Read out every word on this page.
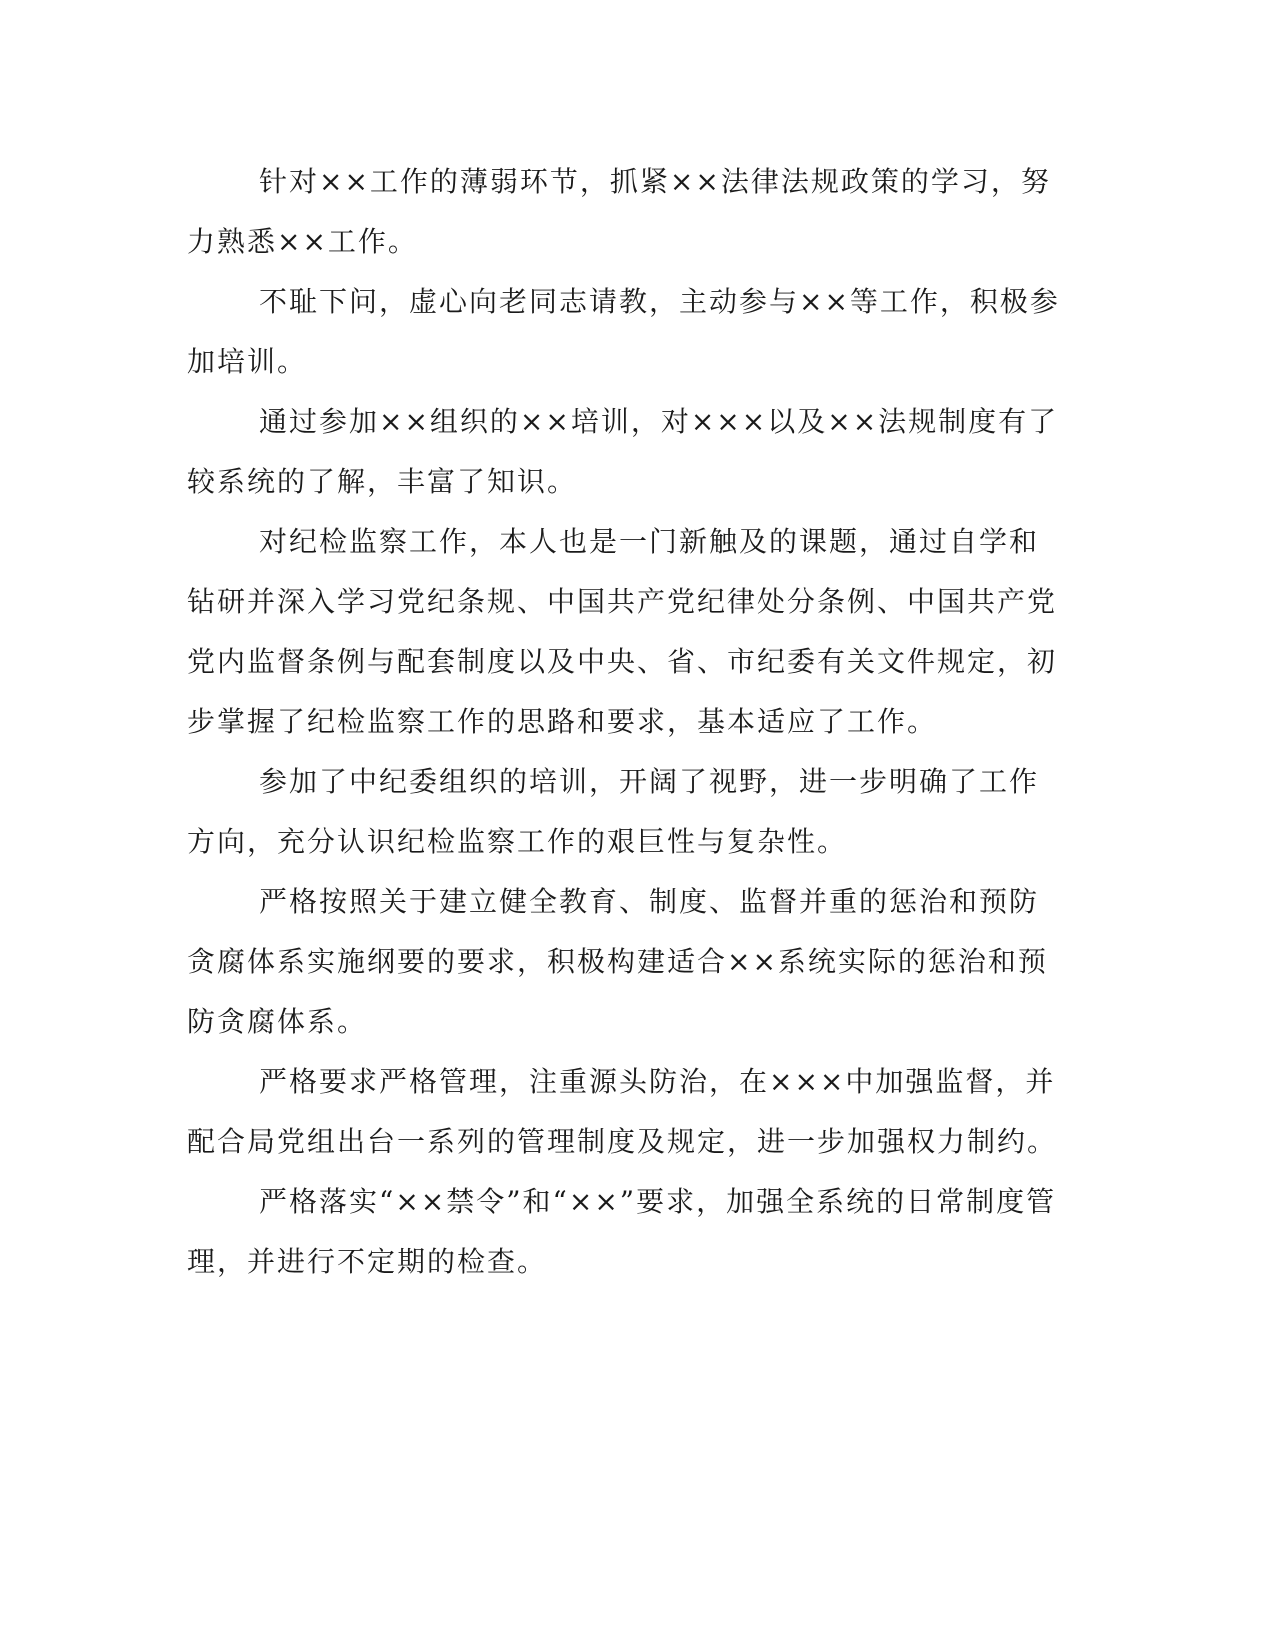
针对××工作的薄弱环节，抓紧××法律法规政策的学习，努力熟悉××工作。

不耻下问，虚心向老同志请教，主动参与××等工作，积极参加培训。

通过参加××组织的××培训，对×××以及××法规制度有了较系统的了解，丰富了知识。

对纪检监察工作，本人也是一门新触及的课题，通过自学和钻研并深入学习党纪条规、中国共产党纪律处分条例、中国共产党党内监督条例与配套制度以及中央、省、市纪委有关文件规定，初步掌握了纪检监察工作的思路和要求，基本适应了工作。

参加了中纪委组织的培训，开阔了视野，进一步明确了工作方向，充分认识纪检监察工作的艰巨性与复杂性。

严格按照关于建立健全教育、制度、监督并重的惩治和预防贪腐体系实施纲要的要求，积极构建适合××系统实际的惩治和预防贪腐体系。

严格要求严格管理，注重源头防治，在×××中加强监督，并配合局党组出台一系列的管理制度及规定，进一步加强权力制约。

严格落实“××禁令”和“××”要求，加强全系统的日常制度管理，并进行不定期的检查。
